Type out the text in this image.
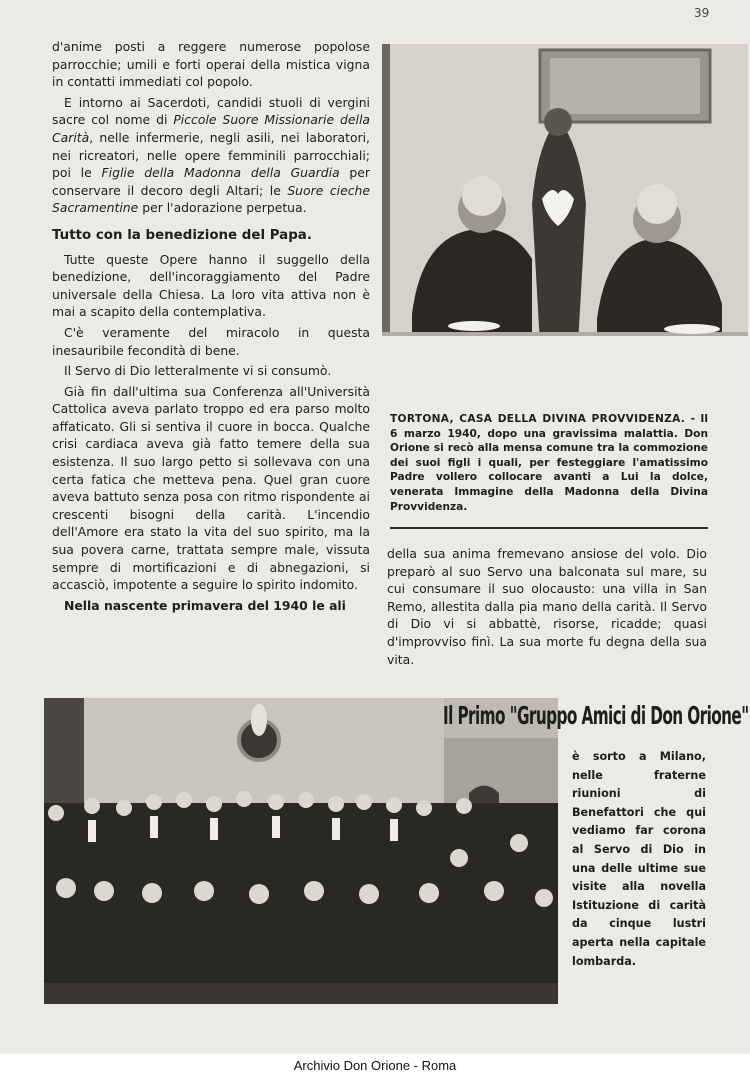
39

d'anime posti a reggere numerose popolose parrocchie; umili e forti operai della mistica vigna in contatti immediati col popolo.

E intorno ai Sacerdoti, candidi stuoli di vergini sacre col nome di Piccole Suore Missionarie della Carità, nelle infermerie, negli asili, nei laboratori, nei ricreatori, nelle opere femminili parrocchiali; poi le Figlie della Madonna della Guardia per conservare il decoro degli Altari; le Suore cieche Sacramentine per l'adorazione perpetua.

Tutto con la benedizione del Papa.

Tutte queste Opere hanno il suggello della benedizione, dell'incoraggiamento del Padre universale della Chiesa. La loro vita attiva non è mai a scapito della contemplativa.

C'è veramente del miracolo in questa inesauribile fecondità di bene.

Il Servo di Dio letteralmente vi si consumò.

Già fin dall'ultima sua Conferenza all'Università Cattolica aveva parlato troppo ed era parso molto affaticato. Gli si sentiva il cuore in bocca. Qualche crisi cardiaca aveva già fatto temere della sua esistenza. Il suo largo petto si sollevava con una certa fatica che metteva pena. Quel gran cuore aveva battuto senza posa con ritmo rispondente ai crescenti bisogni della carità. L'incendio dell'Amore era stato la vita del suo spirito, ma la sua povera carne, trattata sempre male, vissuta sempre di mortificazioni e di abnegazioni, si accasciò, impotente a seguire lo spirito indomito.

Nella nascente primavera del 1940 le ali

TORTONA, CASA DELLA DIVINA PROVVIDENZA. - Il 6 marzo 1940, dopo una gravissima malattia. Don Orione si recò alla mensa comune tra la commozione dei suoi figli i quali, per festeggiare l'amatissimo Padre vollero collocare avanti a Lui la dolce, venerata Immagine della Madonna della Divina Provvidenza.

della sua anima fremevano ansiose del volo. Dio preparò al suo Servo una balconata sul mare, su cui consumare il suo olocausto: una villa in San Remo, allestita dalla pia mano della carità. Il Servo di Dio vi si abbattè, risorse, ricadde; quasi d'improvviso finì. La sua morte fu degna della sua vita.

Il Primo "Gruppo Amici di Don Orione"
è sorto a Milano, nelle fraterne riunioni di Benefattori che qui vediamo far corona al Servo di Dio in una delle ultime sue visite alla novella Istituzione di carità da cinque lustri aperta nella capitale lombarda.
Archivio Don Orione - Roma
